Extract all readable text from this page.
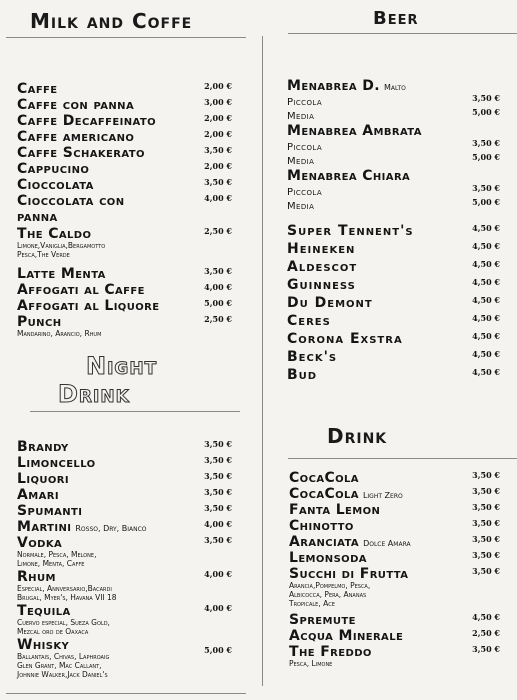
Milk and Coffe	Beer
Night
Drink
Drink
Caffe	2,00 €
Caffe con panna	3,00 €
Caffe Decaffeinato	2,00 €
Caffe americano	2,00 €
Caffe Schakerato	3,50 €
Cappucino	2,00 €
Cioccolata	3,50 €
Cioccolata con	4,00 €
panna
The Caldo	2,50 €
Limone,Vaniglia,Bergamotto
Pesca,The Verde
Latte Menta	3,50 €
Affogati al Caffe	4,00 €
Affogati al Liquore	5,00 €
Punch	2,50 €
Mandarino, Arancio, Rhum
Brandy	3,50 €
Limoncello	3,50 €
Liquori	3,50 €
Amari	3,50 €
Spumanti	3,50 €
Martini Rosso, Dry, Bianco	4,00 €
Vodka	3,50 €
Normale, Pesca, Melone,
Limone, Menta, Caffe
Rhum	4,00 €
Especial, Annversario,Bacardi
Brugal, Myer's, Havana VII 18
Tequila	4,00 €
Cuervo especial, Sueza Gold,
Mezcal oro de Oaxaca
Whisky	5,00 €
Ballantais, Chivas, Laphroaig
Glen Grant, Mac Callant,
Johnnie Walker,Jack Daniel's
Menabrea D. Malto
Piccola	3,50 €
Media	5,00 €
Menabrea Ambrata
Piccola	3,50 €
Media	5,00 €
Menabrea Chiara
Piccola	3,50 €
Media	5,00 €
Super Tennent's	4,50 €
Heineken	4,50 €
Aldescot	4,50 €
Guinness	4,50 €
Du Demont	4,50 €
Ceres	4,50 €
Corona Exstra	4,50 €
Beck's	4,50 €
Bud	4,50 €
CocaCola	3,50 €
CocaCola Light Zero	3,50 €
Fanta Lemon	3,50 €
Chinotto	3,50 €
Aranciata Dolce Amara	3,50 €
Lemonsoda	3,50 €
Succhi di Frutta	3,50 €
Arancia,Pompelmo, Pesca,
Albicocca, Pera, Ananas
Tropicale, Ace
Spremute	4,50 €
Acqua Minerale	2,50 €
The Freddo	3,50 €
Pesca, Limone
